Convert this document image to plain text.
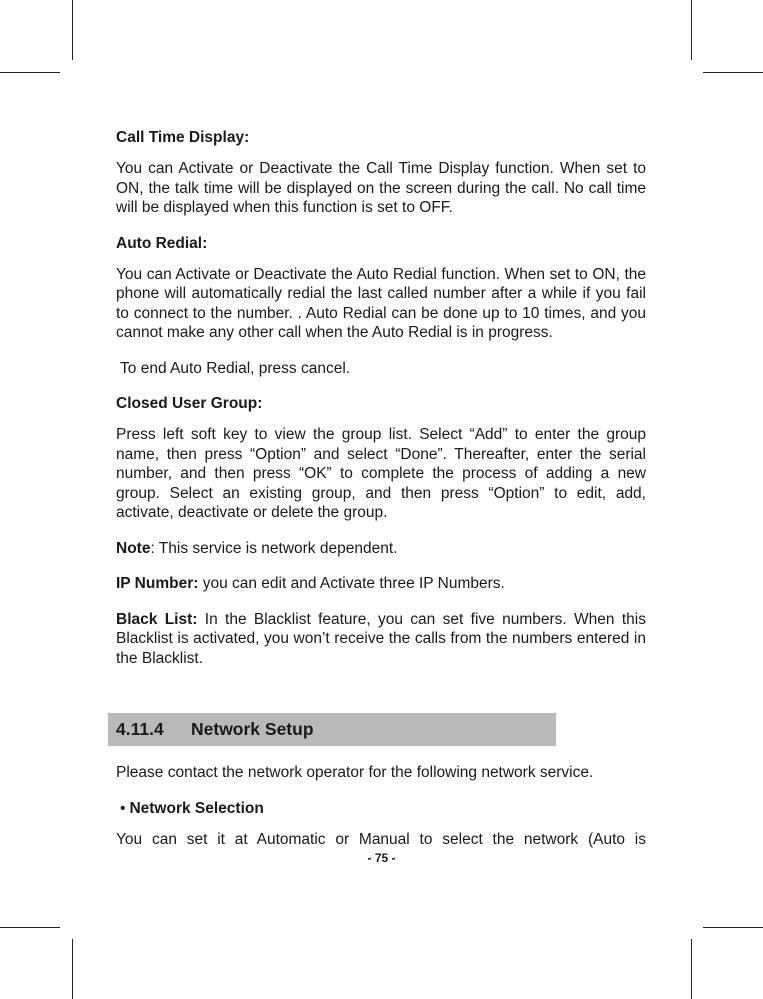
Call Time Display:

You can Activate or Deactivate the Call Time Display function. When set to ON, the talk time will be displayed on the screen during the call. No call time will be displayed when this function is set to OFF.

Auto Redial:

You can Activate or Deactivate the Auto Redial function. When set to ON, the phone will automatically redial the last called number after a while if you fail to connect to the number. . Auto Redial can be done up to 10 times, and you cannot make any other call when the Auto Redial is in progress.

To end Auto Redial, press cancel.

Closed User Group:

Press left soft key to view the group list. Select “Add” to enter the group name, then press “Option” and select “Done”. Thereafter, enter the serial number, and then press “OK” to complete the process of adding a new group. Select an existing group, and then press “Option” to edit, add, activate, deactivate or delete the group.

Note: This service is network dependent.

IP Number: you can edit and Activate three IP Numbers.

Black List: In the Blacklist feature, you can set five numbers. When this Blacklist is activated, you won’t receive the calls from the numbers entered in the Blacklist.

4.11.4	Network Setup

Please contact the network operator for the following network service.

• Network Selection

You can set it at Automatic or Manual to select the network (Auto is

- 75 -
